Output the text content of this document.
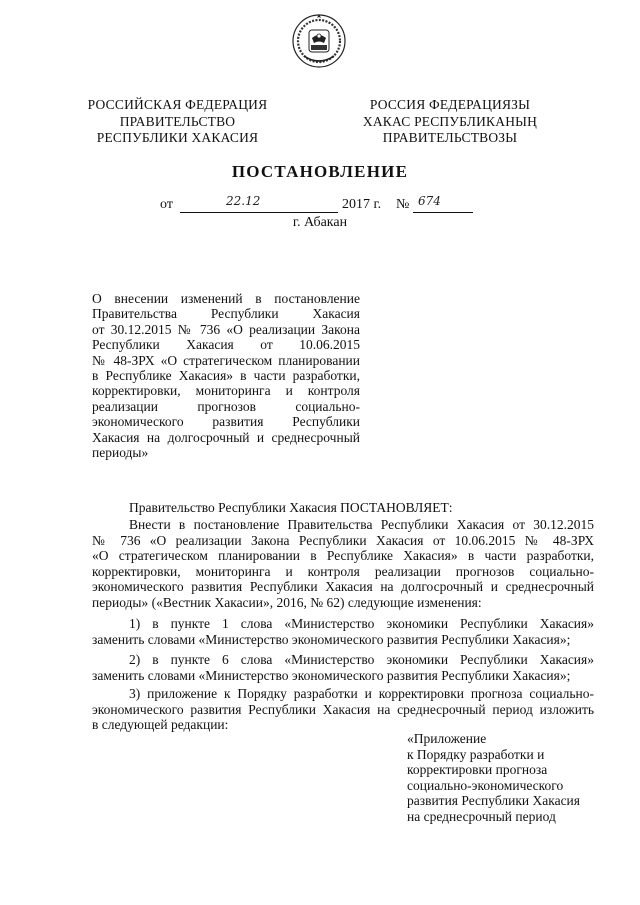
РОССИЙСКАЯ ФЕДЕРАЦИЯ
ПРАВИТЕЛЬСТВО
РЕСПУБЛИКИ ХАКАСИЯ
РОССИЯ ФЕДЕРАЦИЯЗЫ
ХАКАС РЕСПУБЛИКАНЫҢ
ПРАВИТЕЛЬСТВОЗЫ
ПОСТАНОВЛЕНИЕ
от	22.12	2017 г. № 674
г. Абакан
О внесении изменений в постановление
Правительства Республики Хакасия
от 30.12.2015 № 736 «О реализации Закона
Республики Хакасия от 10.06.2015
№ 48-ЗРХ «О стратегическом планировании
в Республике Хакасия» в части разработки,
корректировки, мониторинга и контроля
реализации прогнозов социально-
экономического развития Республики
Хакасия на долгосрочный и среднесрочный
периоды»
Правительство Республики Хакасия ПОСТАНОВЛЯЕТ:
Внести в постановление Правительства Республики Хакасия от 30.12.2015
№ 736 «О реализации Закона Республики Хакасия от 10.06.2015 № 48-ЗРХ
«О стратегическом планировании в Республике Хакасия» в части разработки,
корректировки, мониторинга и контроля реализации прогнозов социально-
экономического развития Республики Хакасия на долгосрочный и среднесрочный
периоды» («Вестник Хакасии», 2016, № 62) следующие изменения:
1) в пункте 1 слова «Министерство экономики Республики Хакасия»
заменить словами «Министерство экономического развития Республики Хакасия»;
2) в пункте 6 слова «Министерство экономики Республики Хакасия»
заменить словами «Министерство экономического развития Республики Хакасия»;
3) приложение к Порядку разработки и корректировки прогноза социально-
экономического развития Республики Хакасия на среднесрочный период изложить
в следующей редакции:
«Приложение
к Порядку разработки и
корректировки прогноза
социально-экономического
развития Республики Хакасия
на среднесрочный период
